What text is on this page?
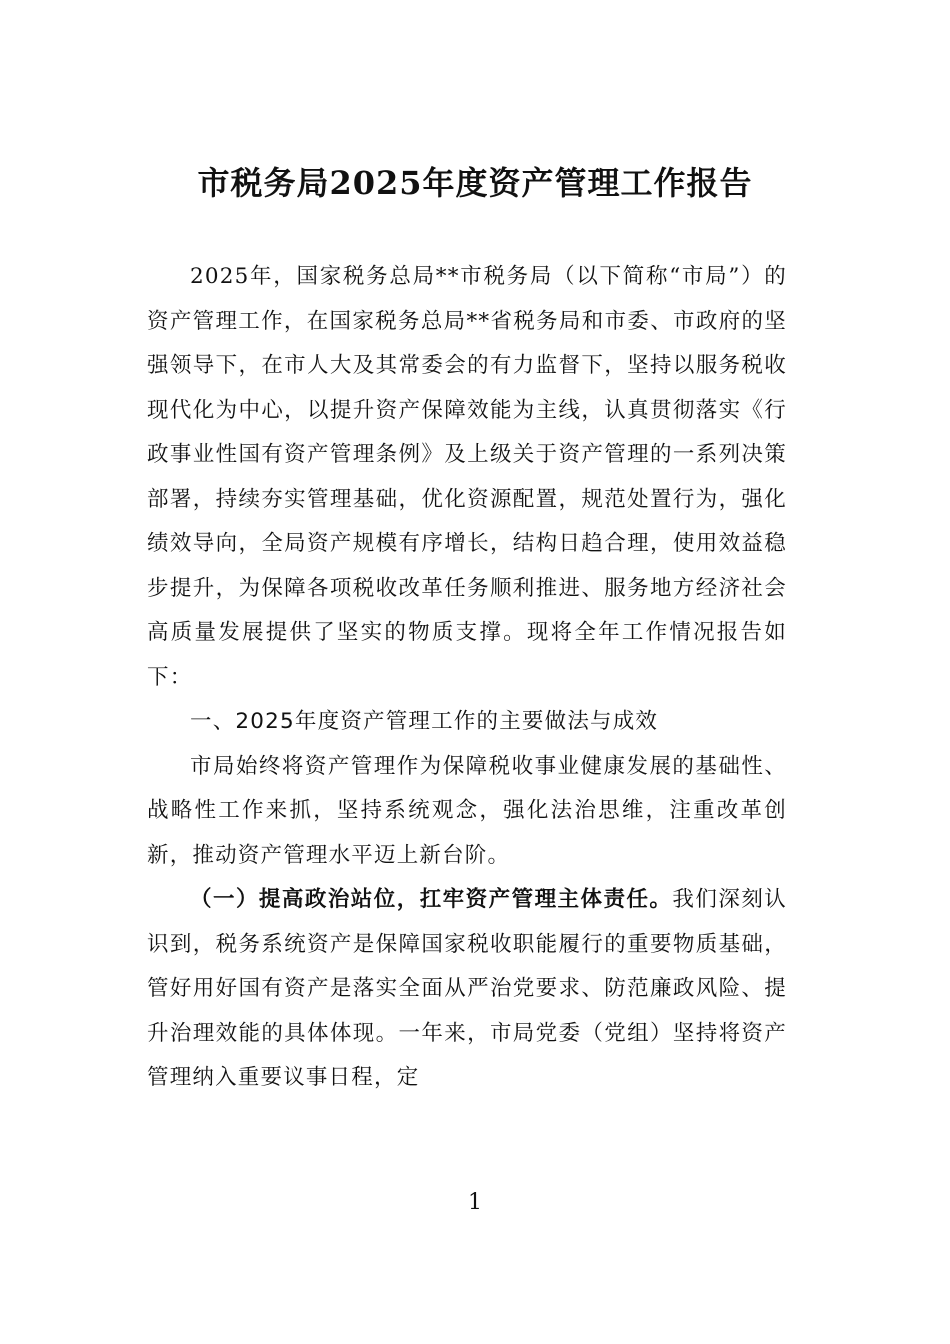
市税务局2025年度资产管理工作报告

2025年，国家税务总局**市税务局（以下简称“市局”）的资产管理工作，在国家税务总局**省税务局和市委、市政府的坚强领导下，在市人大及其常委会的有力监督下，坚持以服务税收现代化为中心，以提升资产保障效能为主线，认真贯彻落实《行政事业性国有资产管理条例》及上级关于资产管理的一系列决策部署，持续夯实管理基础，优化资源配置，规范处置行为，强化绩效导向，全局资产规模有序增长，结构日趋合理，使用效益稳步提升，为保障各项税收改革任务顺利推进、服务地方经济社会高质量发展提供了坚实的物质支撑。现将全年工作情况报告如下：

一、2025年度资产管理工作的主要做法与成效

市局始终将资产管理作为保障税收事业健康发展的基础性、战略性工作来抓，坚持系统观念，强化法治思维，注重改革创新，推动资产管理水平迈上新台阶。

（一）提高政治站位，扛牢资产管理主体责任。我们深刻认识到，税务系统资产是保障国家税收职能履行的重要物质基础，管好用好国有资产是落实全面从严治党要求、防范廉政风险、提升治理效能的具体体现。一年来，市局党委（党组）坚持将资产管理纳入重要议事日程，定

1
